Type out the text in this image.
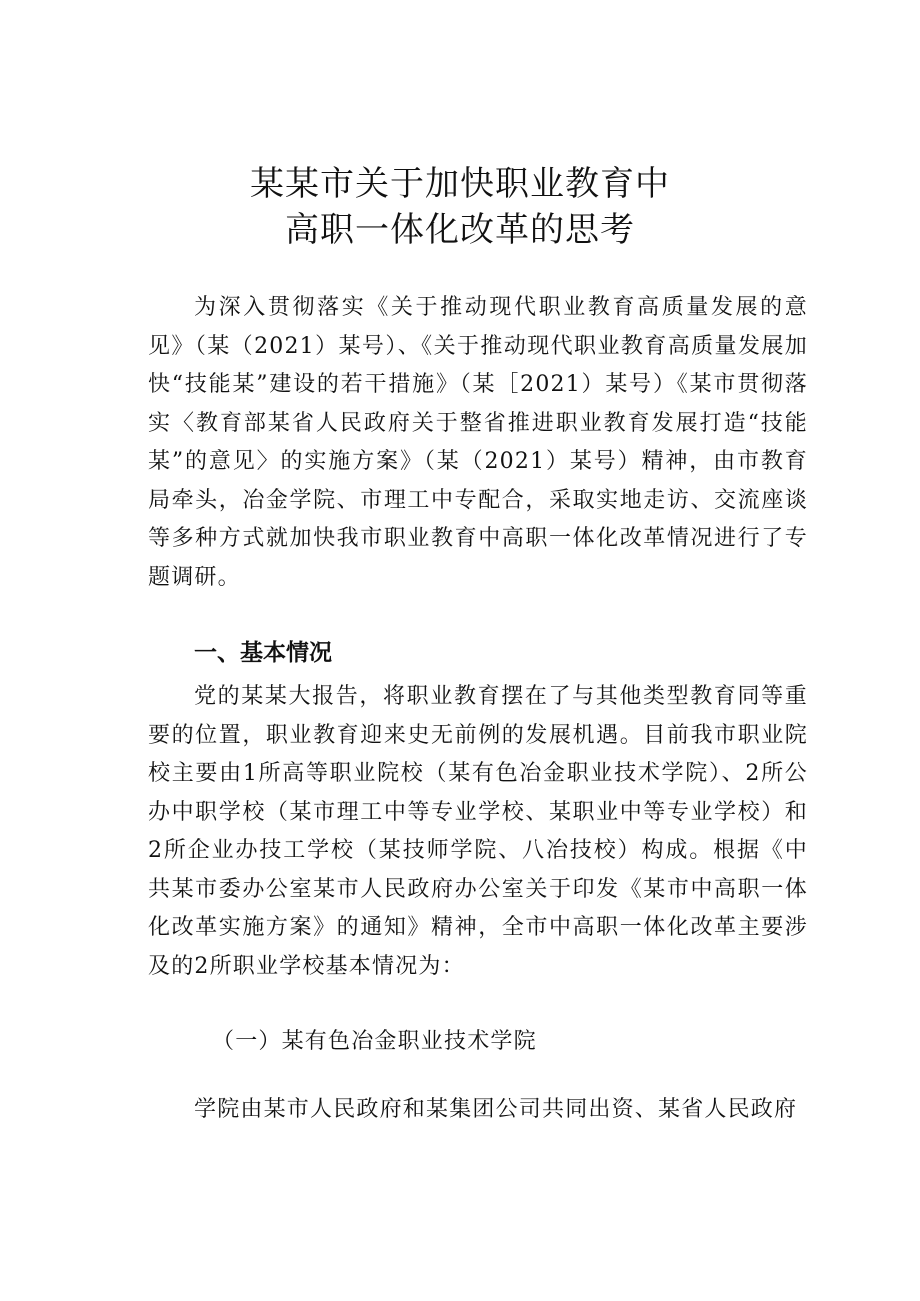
某某市关于加快职业教育中
高职一体化改革的思考
为深入贯彻落实《关于推动现代职业教育高质量发展的意见》（某（2021）某号）、《关于推动现代职业教育高质量发展加快“技能某”建设的若干措施》（某［2021）某号）《某市贯彻落实〈教育部某省人民政府关于整省推进职业教育发展打造“技能某”的意见〉的实施方案》（某（2021）某号）精神，由市教育局牵头，冶金学院、市理工中专配合，采取实地走访、交流座谈等多种方式就加快我市职业教育中高职一体化改革情况进行了专题调研。
一、基本情况
党的某某大报告，将职业教育摆在了与其他类型教育同等重要的位置，职业教育迎来史无前例的发展机遇。目前我市职业院校主要由1所高等职业院校（某有色冶金职业技术学院）、2所公办中职学校（某市理工中等专业学校、某职业中等专业学校）和2所企业办技工学校（某技师学院、八冶技校）构成。根据《中共某市委办公室某市人民政府办公室关于印发《某市中高职一体化改革实施方案》的通知》精神，全市中高职一体化改革主要涉及的2所职业学校基本情况为：
（一）某有色冶金职业技术学院
学院由某市人民政府和某集团公司共同出资、某省人民政府
